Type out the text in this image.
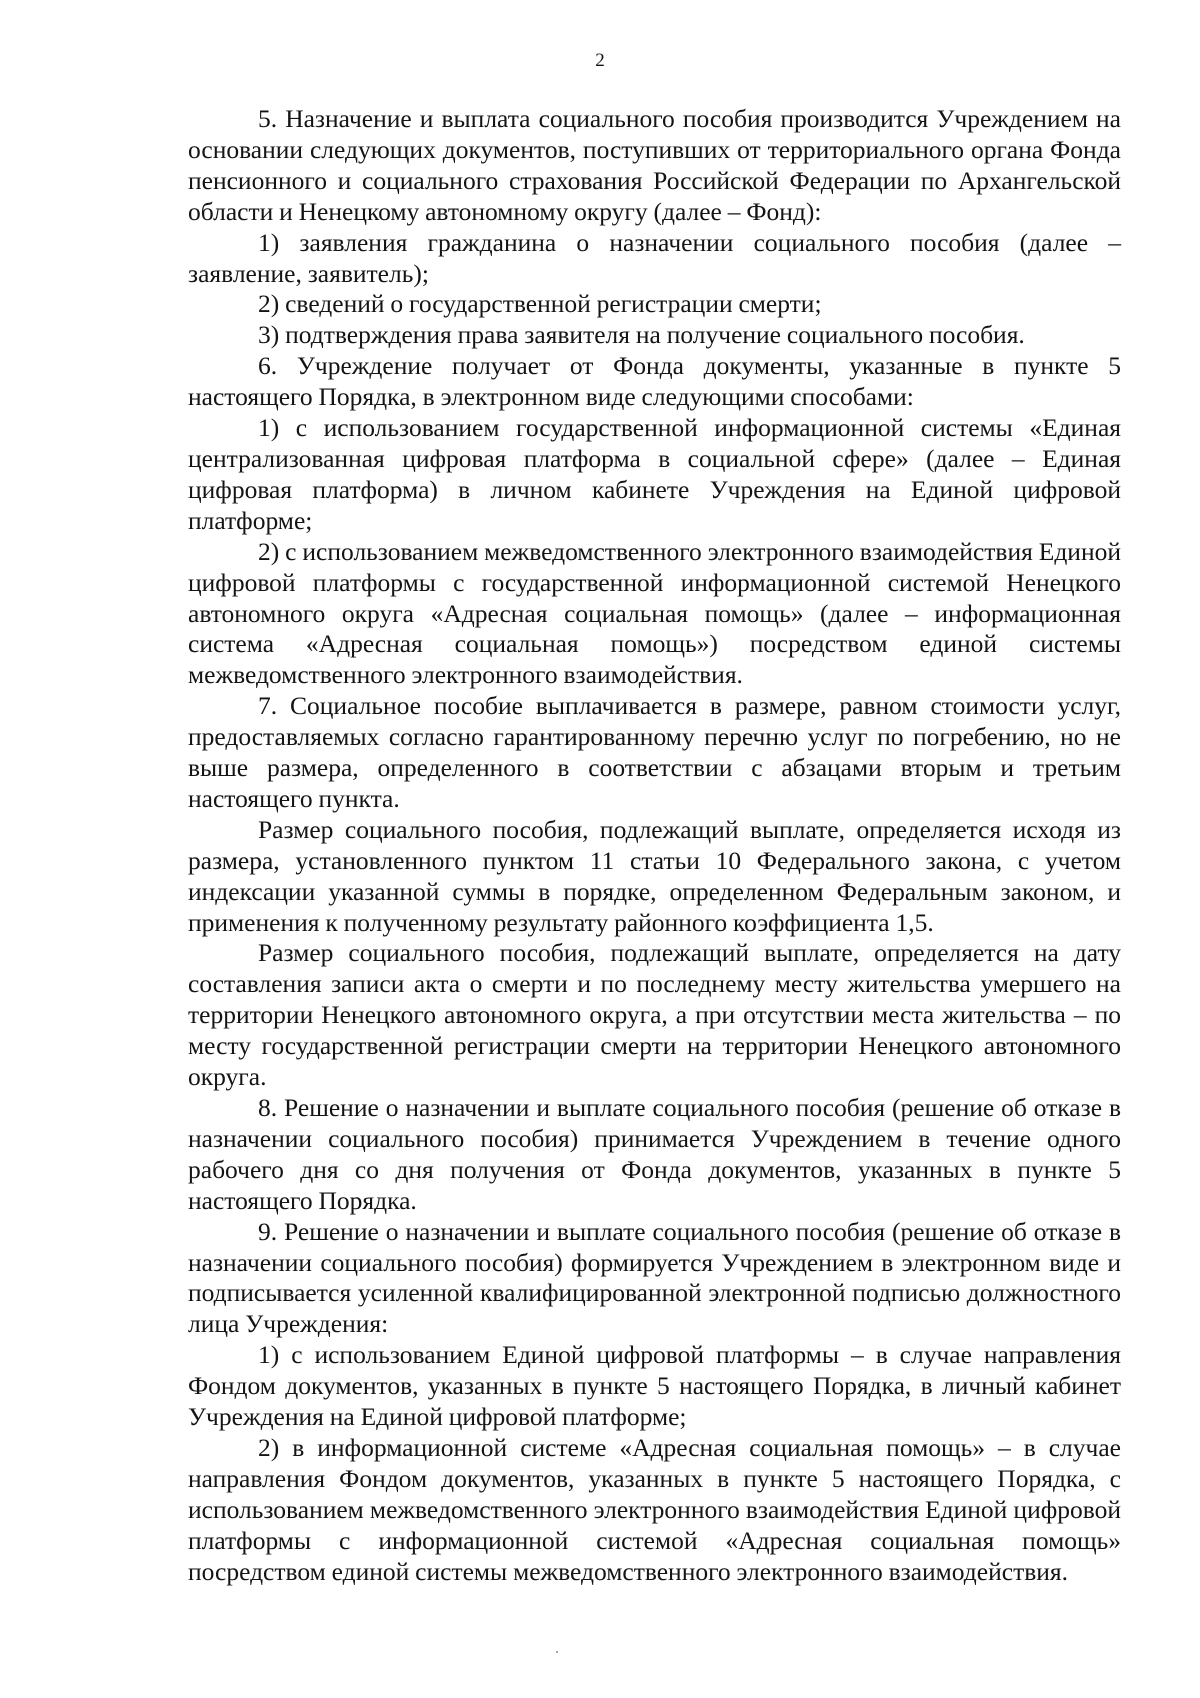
2

5. Назначение и выплата социального пособия производится Учреждением на основании следующих документов, поступивших от территориального органа Фонда пенсионного и социального страхования Российской Федерации по Архангельской области и Ненецкому автономному округу (далее – Фонд):

1) заявления гражданина о назначении социального пособия (далее – заявление, заявитель);

2) сведений о государственной регистрации смерти;

3) подтверждения права заявителя на получение социального пособия.

6. Учреждение получает от Фонда документы, указанные в пункте 5 настоящего Порядка, в электронном виде следующими способами:

1) с использованием государственной информационной системы «Единая централизованная цифровая платформа в социальной сфере» (далее – Единая цифровая платформа) в личном кабинете Учреждения на Единой цифровой платформе;

2) с использованием межведомственного электронного взаимодействия Единой цифровой платформы с государственной информационной системой Ненецкого автономного округа «Адресная социальная помощь» (далее – информационная система «Адресная социальная помощь») посредством единой системы межведомственного электронного взаимодействия.

7. Социальное пособие выплачивается в размере, равном стоимости услуг, предоставляемых согласно гарантированному перечню услуг по погребению, но не выше размера, определенного в соответствии с абзацами вторым и третьим настоящего пункта.

Размер социального пособия, подлежащий выплате, определяется исходя из размера, установленного пунктом 11 статьи 10 Федерального закона, с учетом индексации указанной суммы в порядке, определенном Федеральным законом, и применения к полученному результату районного коэффициента 1,5.

Размер социального пособия, подлежащий выплате, определяется на дату составления записи акта о смерти и по последнему месту жительства умершего на территории Ненецкого автономного округа, а при отсутствии места жительства – по месту государственной регистрации смерти на территории Ненецкого автономного округа.

8. Решение о назначении и выплате социального пособия (решение об отказе в назначении социального пособия) принимается Учреждением в течение одного рабочего дня со дня получения от Фонда документов, указанных в пункте 5 настоящего Порядка.

9. Решение о назначении и выплате социального пособия (решение об отказе в назначении социального пособия) формируется Учреждением в электронном виде и подписывается усиленной квалифицированной электронной подписью должностного лица Учреждения:

1) с использованием Единой цифровой платформы – в случае направления Фондом документов, указанных в пункте 5 настоящего Порядка, в личный кабинет Учреждения на Единой цифровой платформе;

2) в информационной системе «Адресная социальная помощь» – в случае направления Фондом документов, указанных в пункте 5 настоящего Порядка, с использованием межведомственного электронного взаимодействия Единой цифровой платформы с информационной системой «Адресная социальная помощь» посредством единой системы межведомственного электронного взаимодействия.
